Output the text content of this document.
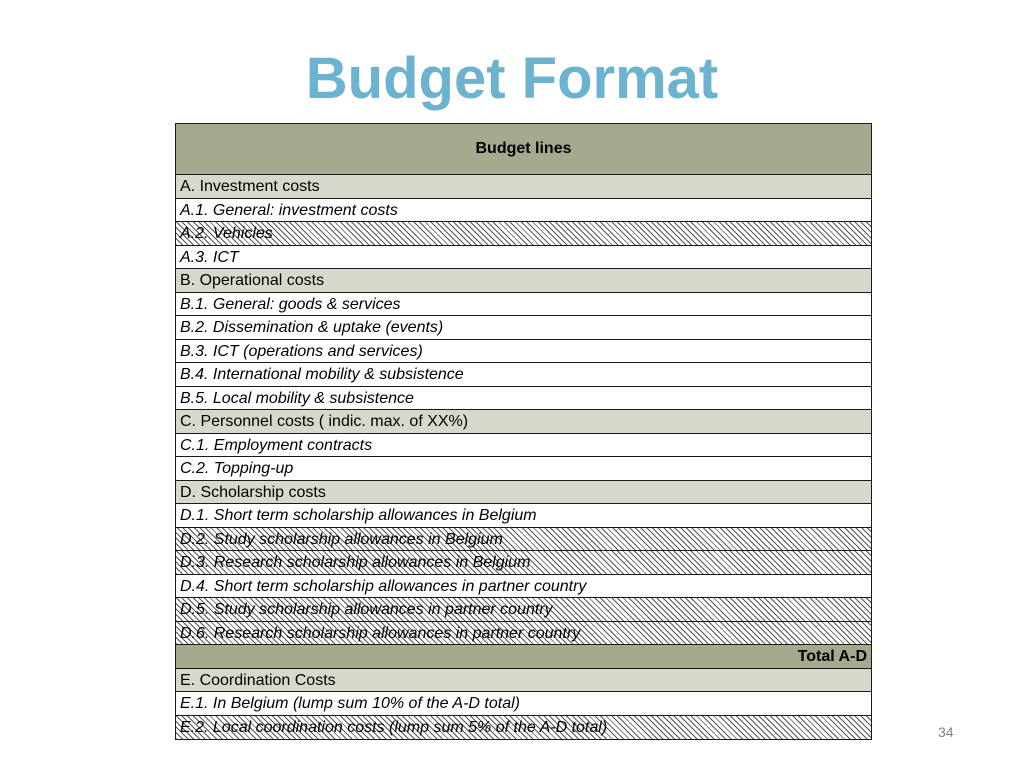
Budget Format
Budget lines
A. Investment costs
A.1. General: investment costs
A.2. Vehicles
A.3. ICT
B. Operational costs
B.1. General: goods & services
B.2. Dissemination & uptake (events)
B.3. ICT (operations and services)
B.4. International mobility & subsistence
B.5. Local mobility & subsistence
C. Personnel costs ( indic. max. of XX%)
C.1. Employment contracts
C.2. Topping-up
D. Scholarship costs
D.1. Short term scholarship allowances in Belgium
D.2. Study scholarship allowances in Belgium
D.3. Research scholarship allowances in Belgium
D.4. Short term scholarship allowances in partner country
D.5. Study scholarship allowances in partner country
D.6. Research scholarship allowances in partner country
Total A-D
E. Coordination Costs
E.1. In Belgium (lump sum 10% of the A-D total)
E.2. Local coordination costs (lump sum 5% of the A-D total)	34
